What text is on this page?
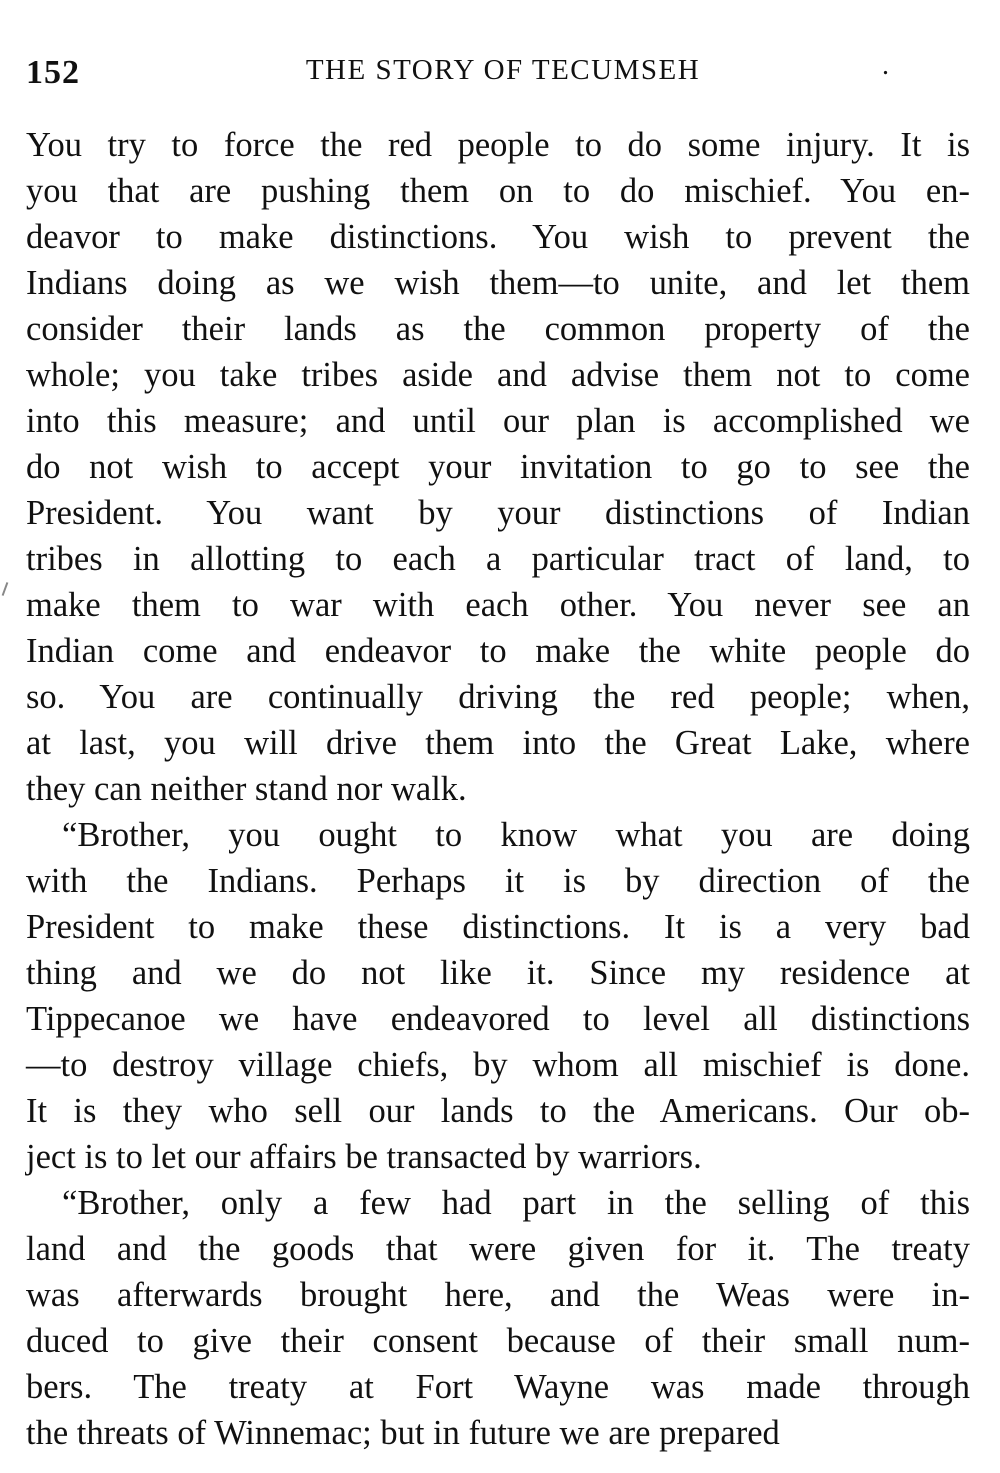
152	THE STORY OF TECUMSEH	.
You try to force the red people to do some injury. It is
you that are pushing them on to do mischief. You en-
deavor to make distinctions. You wish to prevent the
Indians doing as we wish them—to unite, and let them
consider their lands as the common property of the
whole; you take tribes aside and advise them not to come
into this measure; and until our plan is accomplished we
do not wish to accept your invitation to go to see the
President. You want by your distinctions of Indian
tribes in allotting to each a particular tract of land, to
make them to war with each other. You never see an
Indian come and endeavor to make the white people do
so. You are continually driving the red people; when,
at last, you will drive them into the Great Lake, where
they can neither stand nor walk.
“Brother, you ought to know what you are doing
with the Indians. Perhaps it is by direction of the
President to make these distinctions. It is a very bad
thing and we do not like it. Since my residence at
Tippecanoe we have endeavored to level all distinctions
—to destroy village chiefs, by whom all mischief is done.
It is they who sell our lands to the Americans. Our ob-
ject is to let our affairs be transacted by warriors.
“Brother, only a few had part in the selling of this
land and the goods that were given for it. The treaty
was afterwards brought here, and the Weas were in-
duced to give their consent because of their small num-
bers. The treaty at Fort Wayne was made through
the threats of Winnemac; but in future we are prepared
